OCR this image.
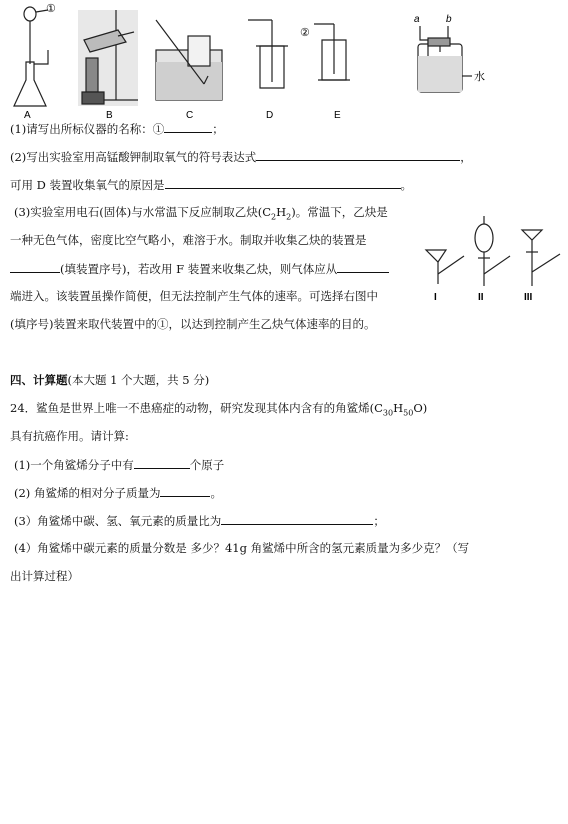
①
A	B	C	D
②
E
a	b
水
I	II	III
(1)请写出所标仪器的名称：①	；
(2)写出实验室用高锰酸钾制取氧气的符号表达式	，
可用 D 装置收集氧气的原因是	。
(3)实验室用电石(固体)与水常温下反应制取乙炔$(C_2H_2)$。常温下，乙炔是
一种无色气体，密度比空气略小，难溶于水。制取并收集乙炔的装置是
(填装置序号)，若改用 F 装置来收集乙炔，则气体应从
端进入。该装置虽操作简便，但无法控制产生气体的速率。可选择右图中
(填序号)装置来取代装置中的①，以达到控制产生乙炔气体速率的目的。
四、计算题(本大题 1 个大题，共 5 分)
24．鲨鱼是世界上唯一不患癌症的动物，研究发现其体内含有的角鲨烯$(C_{30}H_{50}O)$
具有抗癌作用。请计算:
(1)一个角鲨烯分子中有	个原子
(2) 角鲨烯的相对分子质量为	。
(3）角鲨烯中碳、氢、氧元素的质量比为	；
(4）角鲨烯中碳元素的质量分数是 多少？41g 角鲨烯中所含的氢元素质量为多少克？（写
出计算过程）
